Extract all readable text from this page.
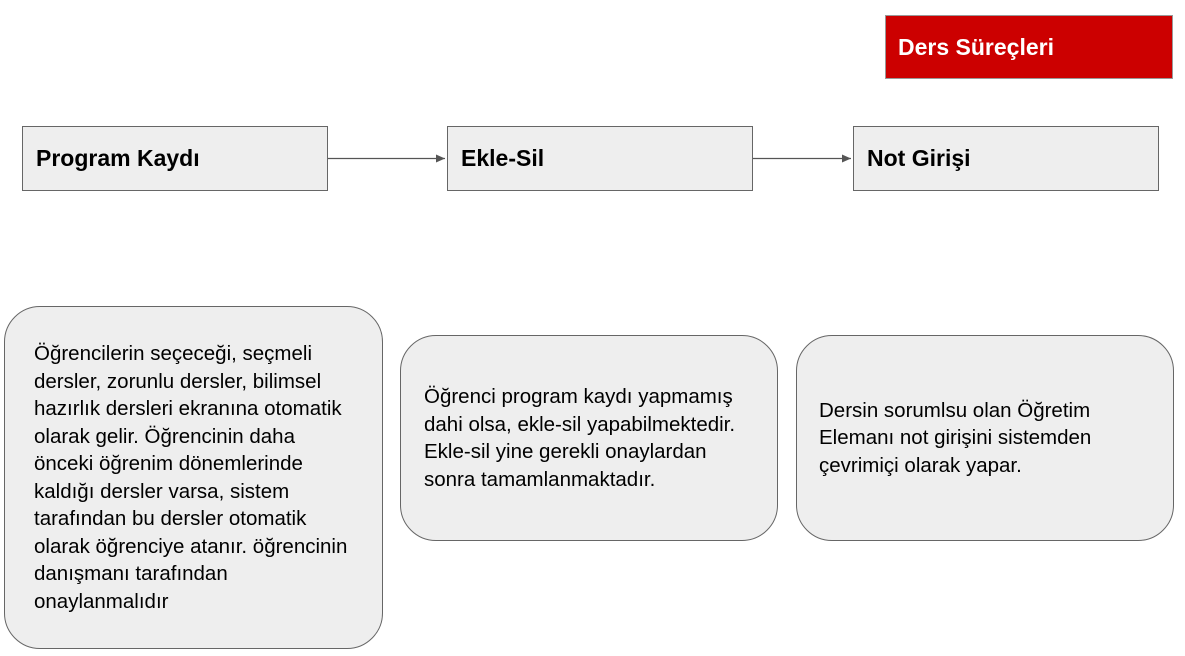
Ders Süreçleri
Program Kaydı	Ekle-Sil	Not Girişi
Öğrencilerin seçeceği, seçmeli dersler, zorunlu dersler, bilimsel hazırlık dersleri ekranına otomatik olarak gelir. Öğrencinin daha önceki öğrenim dönemlerinde kaldığı dersler varsa, sistem tarafından bu dersler otomatik olarak öğrenciye atanır. öğrencinin danışmanı tarafından onaylanmalıdır
Öğrenci program kaydı yapmamış dahi olsa, ekle-sil yapabilmektedir. Ekle-sil yine gerekli onaylardan sonra tamamlanmaktadır.
Dersin sorumlsu olan Öğretim Elemanı not girişini sistemden çevrimiçi olarak yapar.
